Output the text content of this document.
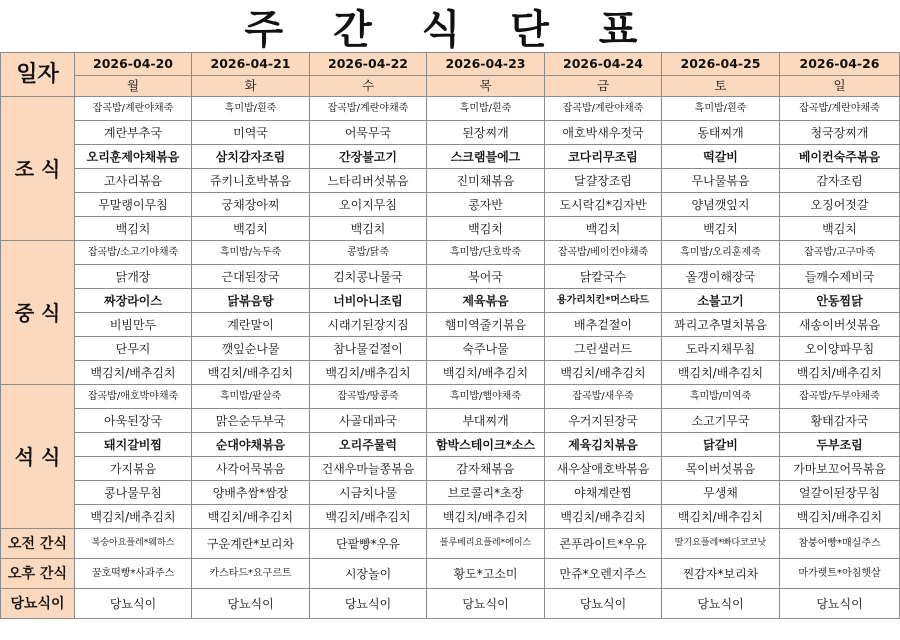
주 간 식 단 표
일자	2026-04-20	2026-04-21	2026-04-22	2026-04-23	2026-04-24	2026-04-25	2026-04-26
	월	화	수	목	금	토	일
조 식	잡곡밥/계란야채죽	흑미밥/흰죽	잡곡밥/계란야채죽	흑미밥/흰죽	잡곡밥/계란야채죽	흑미밥/흰죽	잡곡밥/계란야채죽
	계란부추국	미역국	어묵무국	된장찌개	애호박새우젓국	동태찌개	청국장찌개
	오리훈제야채볶음	삼치감자조림	간장불고기	스크램블에그	코다리무조림	떡갈비	베이컨숙주볶음
	고사리볶음	쥬키니호박볶음	느타리버섯볶음	진미채볶음	달걀장조림	무나물볶음	감자조림
	무말랭이무침	궁채장아찌	오이지무침	콩자반	도시락김*김자반	양념깻잎지	오징어젓갈
	백김치	백김치	백김치	백김치	백김치	백김치	백김치
중 식	잡곡밥/소고기야채죽	흑미밥/녹두죽	콩밥/닭죽	흑미밥/단호박죽	잡곡밥/베이컨야채죽	흑미밥/오리훈제죽	잡곡밥/고구마죽
	닭개장	근대된장국	김치콩나물국	북어국	닭칼국수	올갱이해장국	들깨수제비국
	짜장라이스	닭볶음탕	너비아니조림	제육볶음	용가리치킨*머스타드	소불고기	안동찜닭
	비빔만두	계란말이	시래기된장지짐	햄미역줄기볶음	배추겉절이	꽈리고추멸치볶음	새송이버섯볶음
	단무지	깻잎순나물	참나물겉절이	숙주나물	그린샐러드	도라지채무침	오이양파무침
	백김치/배추김치	백김치/배추김치	백김치/배추김치	백김치/배추김치	백김치/배추김치	백김치/배추김치	백김치/배추김치
석 식	잡곡밥/애호박야채죽	흑미밥/팥살죽	잡곡밥/땅콩죽	흑미밥/햄야채죽	잡곡밥/새우죽	흑미밥/미역죽	잡곡밥/두부야채죽
	아욱된장국	맑은순두부국	사골대파국	부대찌개	우거지된장국	소고기무국	황태감자국
	돼지갈비찜	순대야채볶음	오리주물럭	함박스테이크*소스	제육김치볶음	닭갈비	두부조림
	가지볶음	사각어묵볶음	건새우마늘쫑볶음	감자채볶음	새우살애호박볶음	목이버섯볶음	가마보꼬어묵볶음
	콩나물무침	양배추쌈*쌈장	시금치나물	브로콜리*초장	야채계란찜	무생채	얼갈이된장무침
	백김치/배추김치	백김치/배추김치	백김치/배추김치	백김치/배추김치	백김치/배추김치	백김치/배추김치	백김치/배추김치
오전 간식	복숭아요플레*웨하스	구운계란*보리차	단팥빵*우유	블루베리요플레*에이스	콘푸라이트*우유	딸기요플레*빠다코코낫	참붕어빵*매실주스
오후 간식	꿀호떡빵*사과주스	카스타드*요구르트	시장놀이	황도*고소미	만쥬*오렌지주스	찐감자*보리차	마가렛트*아침햇살
당뇨식이	당뇨식이	당뇨식이	당뇨식이	당뇨식이	당뇨식이	당뇨식이	당뇨식이
